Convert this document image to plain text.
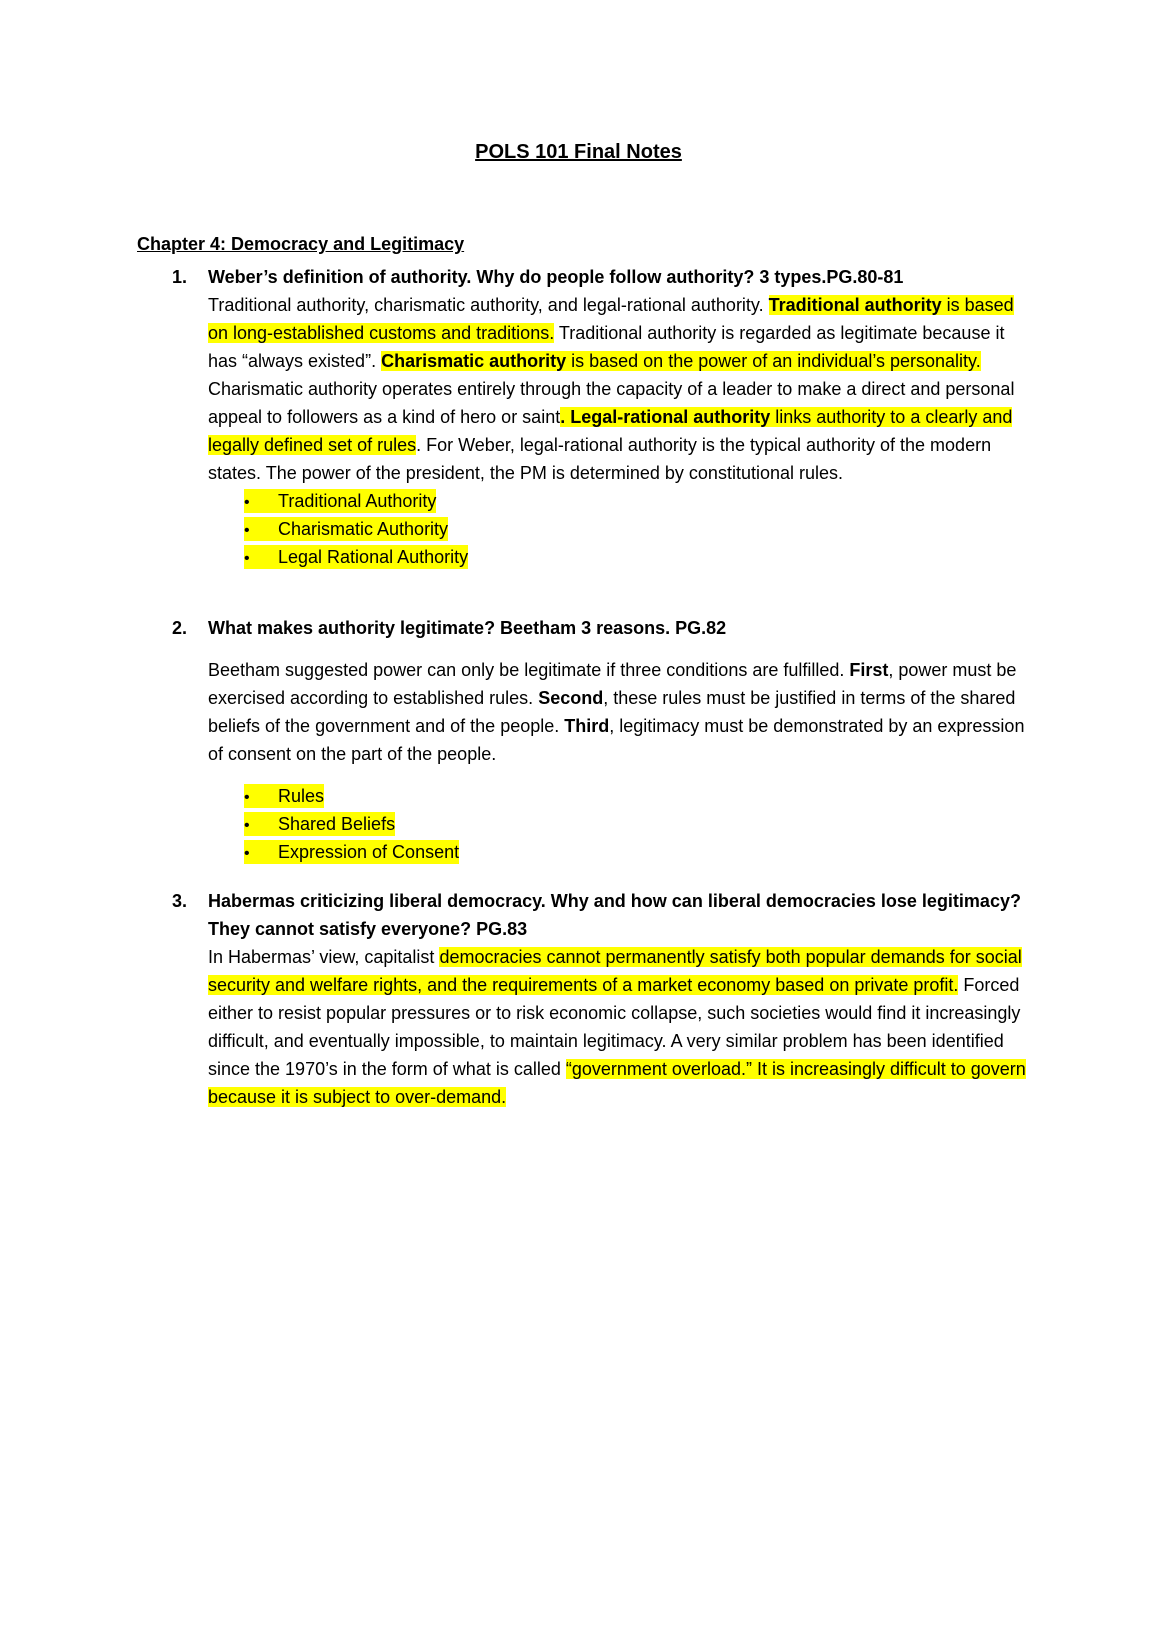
POLS 101 Final Notes
Chapter 4: Democracy and Legitimacy
1.	Weber’s definition of authority. Why do people follow authority? 3 types.PG.80-81
Traditional authority, charismatic authority, and legal-rational authority. Traditional authority is based on long-established customs and traditions. Traditional authority is regarded as legitimate because it has “always existed”. Charismatic authority is based on the power of an individual’s personality. Charismatic authority operates entirely through the capacity of a leader to make a direct and personal appeal to followers as a kind of hero or saint. Legal-rational authority links authority to a clearly and legally defined set of rules. For Weber, legal-rational authority is the typical authority of the modern states. The power of the president, the PM is determined by constitutional rules.
• Traditional Authority
• Charismatic Authority
• Legal Rational Authority
2.	What makes authority legitimate? Beetham 3 reasons. PG.82
Beetham suggested power can only be legitimate if three conditions are fulfilled. First, power must be exercised according to established rules. Second, these rules must be justified in terms of the shared beliefs of the government and of the people. Third, legitimacy must be demonstrated by an expression of consent on the part of the people.
• Rules
• Shared Beliefs
• Expression of Consent
3.	Habermas criticizing liberal democracy. Why and how can liberal democracies lose legitimacy? They cannot satisfy everyone? PG.83
In Habermas’ view, capitalist democracies cannot permanently satisfy both popular demands for social security and welfare rights, and the requirements of a market economy based on private profit. Forced either to resist popular pressures or to risk economic collapse, such societies would find it increasingly difficult, and eventually impossible, to maintain legitimacy. A very similar problem has been identified since the 1970’s in the form of what is called “government overload.” It is increasingly difficult to govern because it is subject to over-demand.
